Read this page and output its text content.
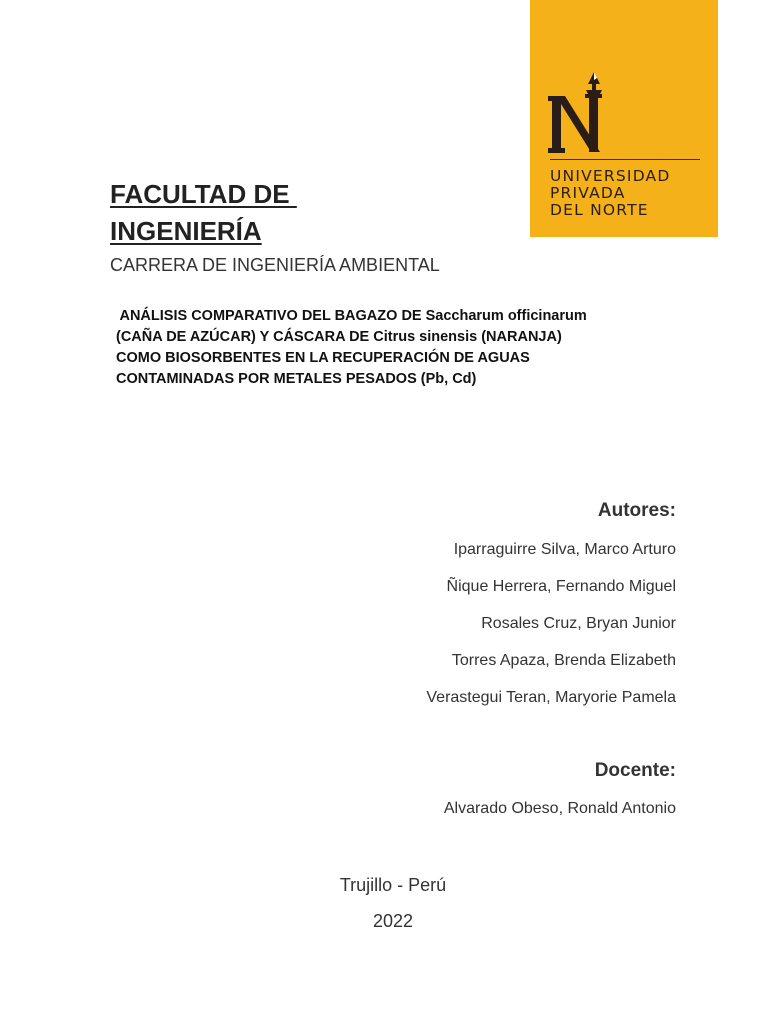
UNIVERSIDAD
PRIVADA
DEL NORTE
FACULTAD DE
INGENIERÍA

CARRERA DE INGENIERÍA AMBIENTAL

ANÁLISIS COMPARATIVO DEL BAGAZO DE Saccharum officinarum
(CAÑA DE AZÚCAR) Y CÁSCARA DE Citrus sinensis (NARANJA)
COMO BIOSORBENTES EN LA RECUPERACIÓN DE AGUAS
CONTAMINADAS POR METALES PESADOS (Pb, Cd)

Autores:

Iparraguirre Silva, Marco Arturo
Ñique Herrera, Fernando Miguel
Rosales Cruz, Bryan Junior
Torres Apaza, Brenda Elizabeth
Verastegui Teran, Maryorie Pamela

Docente:

Alvarado Obeso, Ronald Antonio
Trujillo - Perú
2022
